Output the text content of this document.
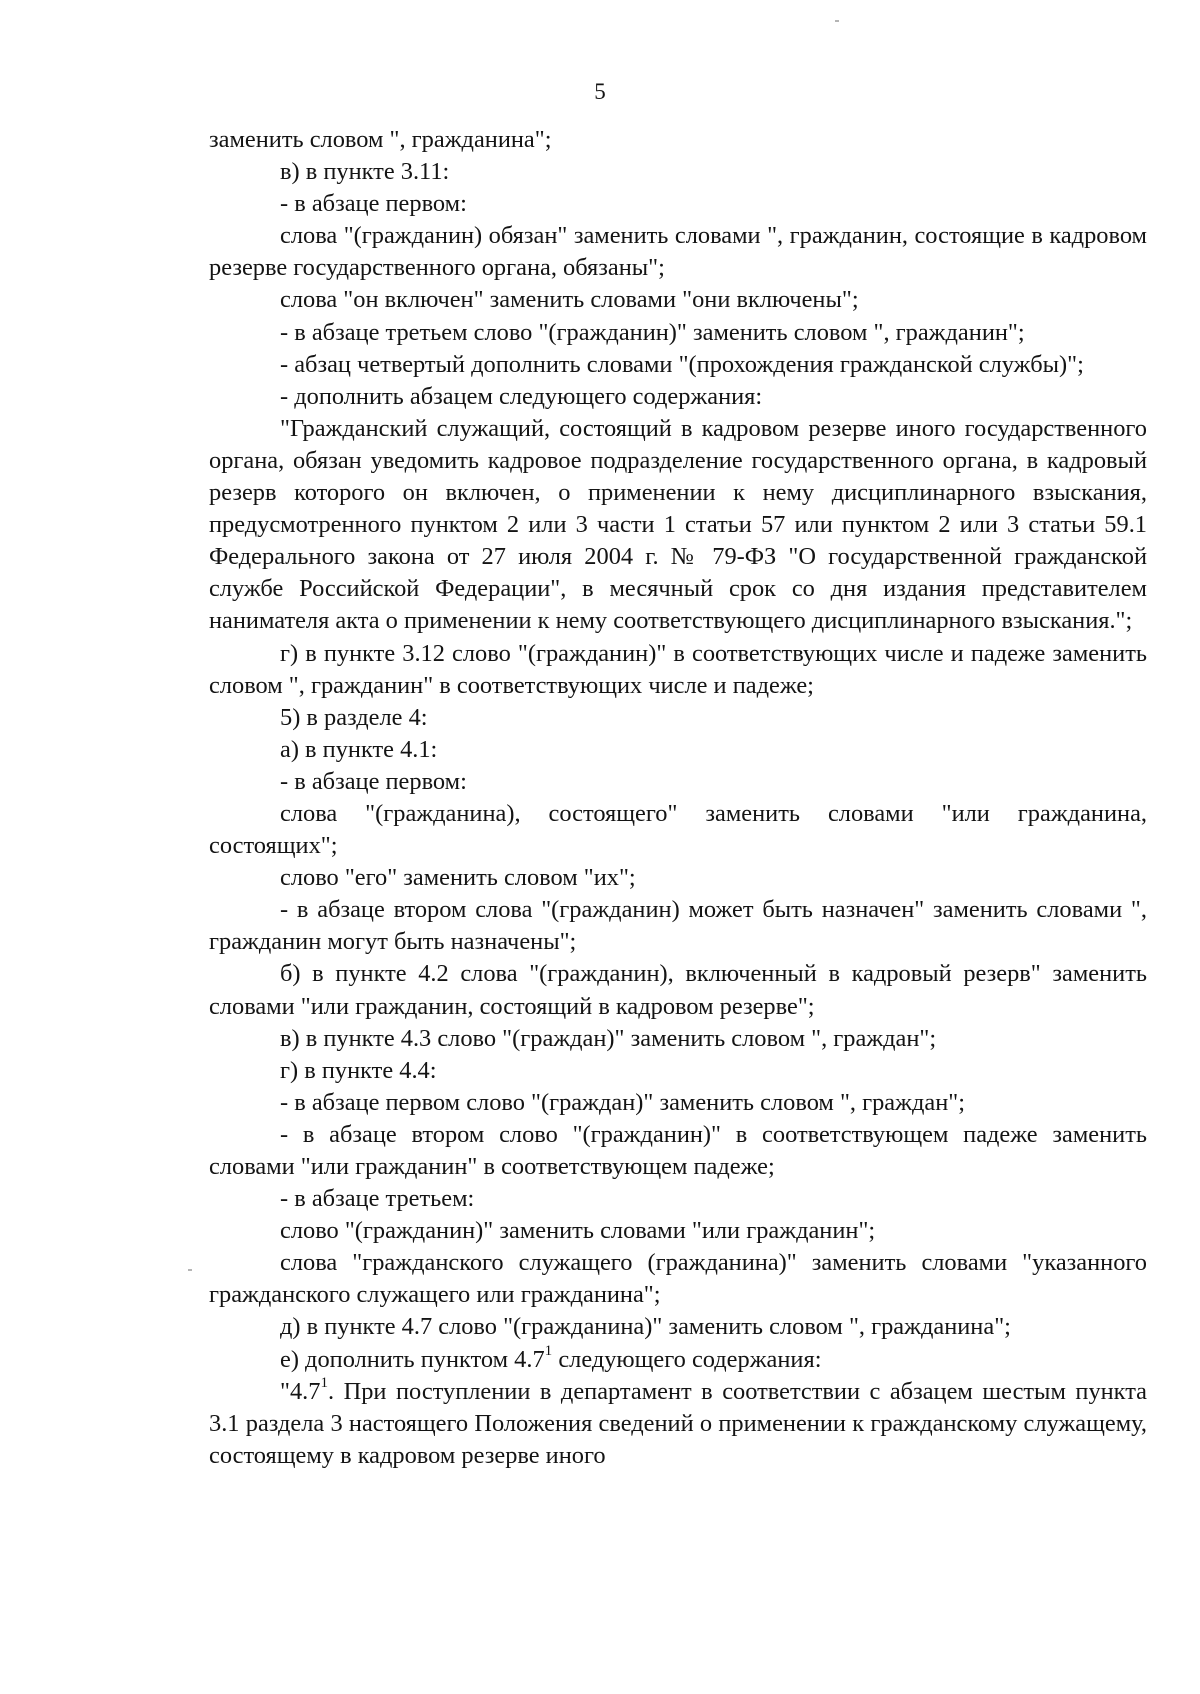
5

заменить словом ", гражданина";

в) в пункте 3.11:

- в абзаце первом:

слова "(гражданин) обязан" заменить словами ", гражданин, состоящие в кадровом резерве государственного органа, обязаны";

слова "он включен" заменить словами "они включены";

- в абзаце третьем слово "(гражданин)" заменить словом ", гражданин";

- абзац четвертый дополнить словами "(прохождения гражданской службы)";

- дополнить абзацем следующего содержания:

"Гражданский служащий, состоящий в кадровом резерве иного государственного органа, обязан уведомить кадровое подразделение государственного органа, в кадровый резерв которого он включен, о применении к нему дисциплинарного взыскания, предусмотренного пунктом 2 или 3 части 1 статьи 57 или пунктом 2 или 3 статьи 59.1 Федерального закона от 27 июля 2004 г. № 79-ФЗ "О государственной гражданской службе Российской Федерации", в месячный срок со дня издания представителем нанимателя акта о применении к нему соответствующего дисциплинарного взыскания.";

г) в пункте 3.12 слово "(гражданин)" в соответствующих числе и падеже заменить словом ", гражданин" в соответствующих числе и падеже;

5) в разделе 4:

а) в пункте 4.1:

- в абзаце первом:

слова "(гражданина), состоящего" заменить словами "или гражданина, состоящих";

слово "его" заменить словом "их";

- в абзаце втором слова "(гражданин) может быть назначен" заменить словами ", гражданин могут быть назначены";

б) в пункте 4.2 слова "(гражданин), включенный в кадровый резерв" заменить словами "или гражданин, состоящий в кадровом резерве";

в) в пункте 4.3 слово "(граждан)" заменить словом ", граждан";

г) в пункте 4.4:

- в абзаце первом слово "(граждан)" заменить словом ", граждан";

- в абзаце втором слово "(гражданин)" в соответствующем падеже заменить словами "или гражданин" в соответствующем падеже;

- в абзаце третьем:

слово "(гражданин)" заменить словами "или гражданин";

слова "гражданского служащего (гражданина)" заменить словами "указанного гражданского служащего или гражданина";

д) в пункте 4.7 слово "(гражданина)" заменить словом ", гражданина";

е) дополнить пунктом $4.7^1$ следующего содержания:

"$4.7^1$. При поступлении в департамент в соответствии с абзацем шестым пункта 3.1 раздела 3 настоящего Положения сведений о применении к гражданскому служащему, состоящему в кадровом резерве иного
